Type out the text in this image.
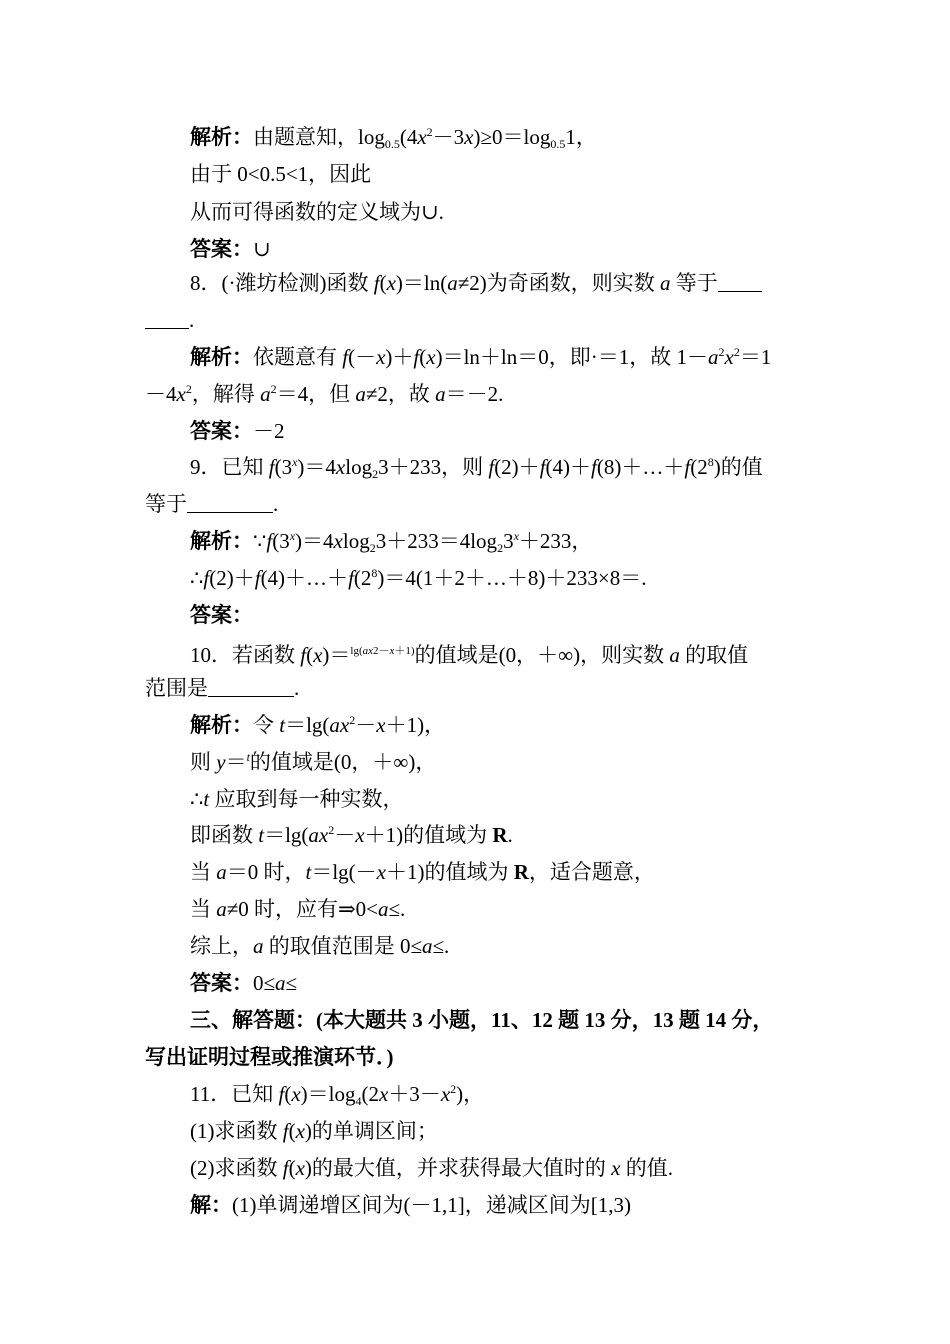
解析：由题意知，$\log_{0.5}(4x^2-3x)\ge 0=\log_{0.5}1$，
由于 0<0.5<1，因此
从而可得函数的定义域为∪.
答案：∪
8．(·潍坊检测)函数 f(x)＝ln(a≠2)为奇函数，则实数 a 等于
.
解析：依题意有 f(－x)＋f(x)＝ln＋ln＝0，即·＝1，故 $1-a^2x^2=1$
$-4x^2$，解得 $a^2=4$，但 a≠2，故 a＝－2.
答案：－2
9．已知 $f(3^x)=4xlog_23+233$，则 $f(2)+f(4)+f(8)+\dots+f(2^8)$的值
等于	.
解析：$\because f(3^x)=4xlog_23+233=4\log_23^x+233$，
$\therefore f(2)+f(4)+\dots+f(2^8)=4(1+2+\dots+8)+233\times 8=$.
答案：
10．若函数 f(x)＝$^{lg(ax2-x+1)}$的值域是(0，＋∞)，则实数 a 的取值
范围是	.
解析：令 $t=\lg(ax^2-x+1)$，
则 y＝$^t$的值域是(0，＋∞)，
∴t 应取到每一种实数，
即函数 $t=\lg(ax^2-x+1)$的值域为 R.
当 a＝0 时，t＝lg(－x＋1)的值域为 R，适合题意，
当 a≠0 时，应有⇒0<a≤.
综上，a 的取值范围是 0≤a≤.
答案：0≤a≤
三、解答题：(本大题共 3 小题，11、12 题 13 分，13 题 14 分，
写出证明过程或推演环节．)
11．已知 $f(x)=\log_4(2x+3-x^2)$，
(1)求函数 f(x)的单调区间；
(2)求函数 f(x)的最大值，并求获得最大值时的 x 的值.
解：(1)单调递增区间为(－1,1]，递减区间为[1,3)
